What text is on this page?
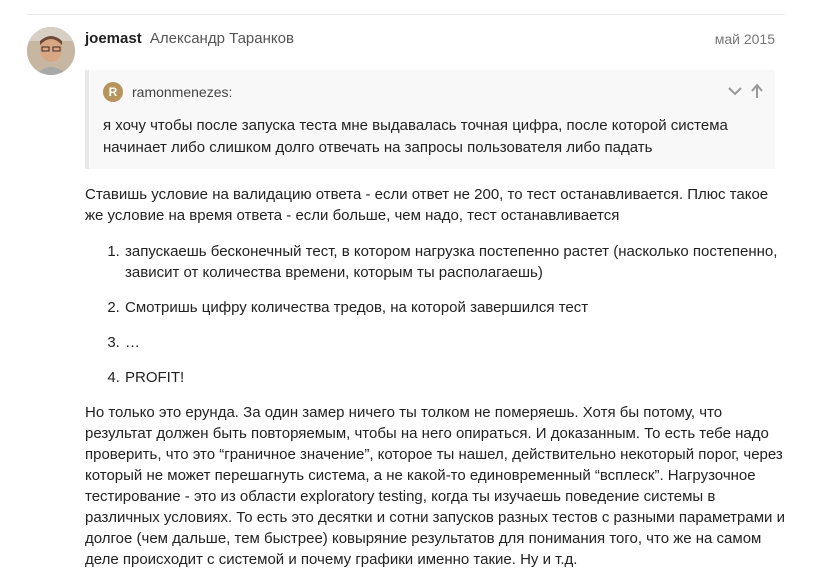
joemast Александр Таранков	май 2015
R	ramonmenezes:
я хочу чтобы после запуска теста мне выдавалась точная цифра, после которой система начинает либо слишком долго отвечать на запросы пользователя либо падать

Ставишь условие на валидацию ответа - если ответ не 200, то тест останавливается. Плюс такое же условие на время ответа - если больше, чем надо, тест останавливается

1. запускаешь бесконечный тест, в котором нагрузка постепенно растет (насколько постепенно, зависит от количества времени, которым ты располагаешь)
2. Смотришь цифру количества тредов, на которой завершился тест
3. …
4. PROFIT!

Но только это ерунда. За один замер ничего ты толком не померяешь. Хотя бы потому, что результат должен быть повторяемым, чтобы на него опираться. И доказанным. То есть тебе надо проверить, что это “граничное значение”, которое ты нашел, действительно некоторый порог, через который не может перешагнуть система, а не какой-то единовременный “всплеск”. Нагрузочное тестирование - это из области exploratory testing, когда ты изучаешь поведение системы в различных условиях. То есть это десятки и сотни запусков разных тестов с разными параметрами и долгое (чем дальше, тем быстрее) ковыряние результатов для понимания того, что же на самом деле происходит с системой и почему графики именно такие. Ну и т.д.
